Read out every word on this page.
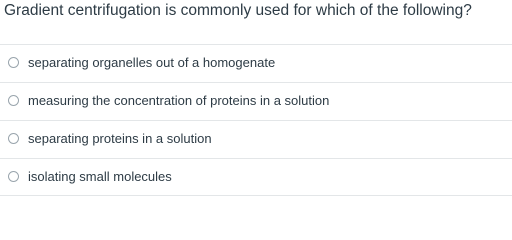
Gradient centrifugation is commonly used for which of the following?
separating organelles out of a homogenate
measuring the concentration of proteins in a solution
separating proteins in a solution
isolating small molecules
